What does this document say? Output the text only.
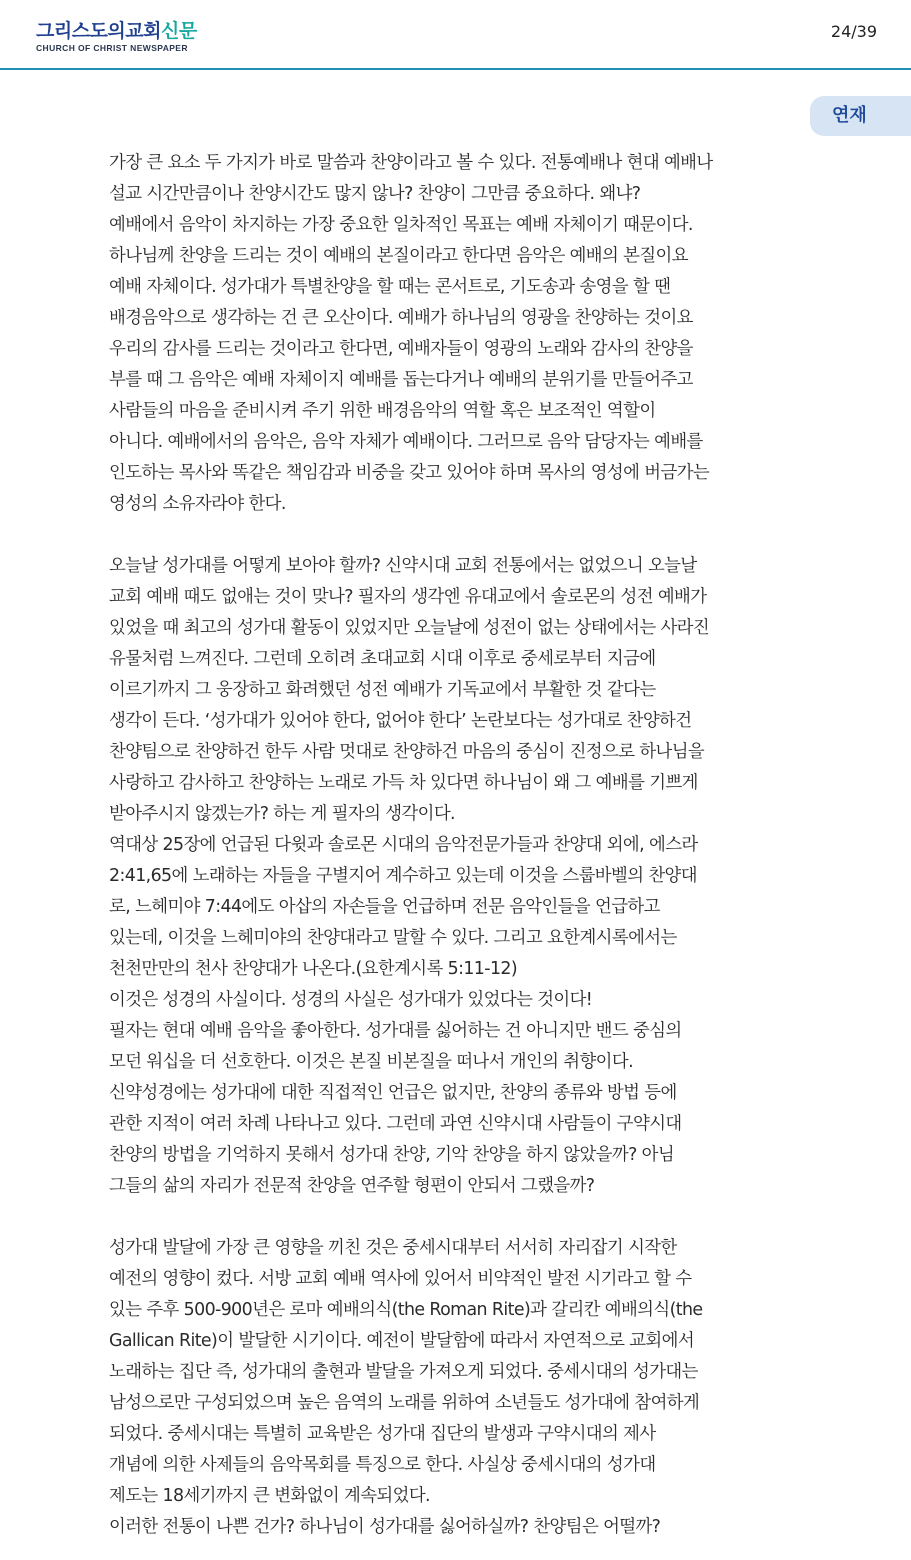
그리스도의교회신문
CHURCH OF CHRIST NEWSPAPER
24/39
연재
가장 큰 요소 두 가지가 바로 말씀과 찬양이라고 볼 수 있다. 전통예배나 현대 예배나
설교 시간만큼이나 찬양시간도 많지 않나? 찬양이 그만큼 중요하다. 왜냐?
예배에서 음악이 차지하는 가장 중요한 일차적인 목표는 예배 자체이기 때문이다.
하나님께 찬양을 드리는 것이 예배의 본질이라고 한다면 음악은 예배의 본질이요
예배 자체이다. 성가대가 특별찬양을 할 때는 콘서트로, 기도송과 송영을 할 땐
배경음악으로 생각하는 건 큰 오산이다. 예배가 하나님의 영광을 찬양하는 것이요
우리의 감사를 드리는 것이라고 한다면, 예배자들이 영광의 노래와 감사의 찬양을
부를 때 그 음악은 예배 자체이지 예배를 돕는다거나 예배의 분위기를 만들어주고
사람들의 마음을 준비시켜 주기 위한 배경음악의 역할 혹은 보조적인 역할이
아니다. 예배에서의 음악은, 음악 자체가 예배이다. 그러므로 음악 담당자는 예배를
인도하는 목사와 똑같은 책임감과 비중을 갖고 있어야 하며 목사의 영성에 버금가는
영성의 소유자라야 한다.
오늘날 성가대를 어떻게 보아야 할까? 신약시대 교회 전통에서는 없었으니 오늘날
교회 예배 때도 없애는 것이 맞나? 필자의 생각엔 유대교에서 솔로몬의 성전 예배가
있었을 때 최고의 성가대 활동이 있었지만 오늘날에 성전이 없는 상태에서는 사라진
유물처럼 느껴진다. 그런데 오히려 초대교회 시대 이후로 중세로부터 지금에
이르기까지 그 웅장하고 화려했던 성전 예배가 기독교에서 부활한 것 같다는
생각이 든다. ‘성가대가 있어야 한다, 없어야 한다’ 논란보다는 성가대로 찬양하건
찬양팀으로 찬양하건 한두 사람 멋대로 찬양하건 마음의 중심이 진정으로 하나님을
사랑하고 감사하고 찬양하는 노래로 가득 차 있다면 하나님이 왜 그 예배를 기쁘게
받아주시지 않겠는가? 하는 게 필자의 생각이다.
역대상 25장에 언급된 다윗과 솔로몬 시대의 음악전문가들과 찬양대 외에, 에스라
2:41,65에 노래하는 자들을 구별지어 계수하고 있는데 이것을 스룹바벨의 찬양대
로, 느헤미야 7:44에도 아삽의 자손들을 언급하며 전문 음악인들을 언급하고
있는데, 이것을 느헤미야의 찬양대라고 말할 수 있다. 그리고 요한계시록에서는
천천만만의 천사 찬양대가 나온다.(요한계시록 5:11-12)
이것은 성경의 사실이다. 성경의 사실은 성가대가 있었다는 것이다!
필자는 현대 예배 음악을 좋아한다. 성가대를 싫어하는 건 아니지만 밴드 중심의
모던 워십을 더 선호한다. 이것은 본질 비본질을 떠나서 개인의 취향이다.
신약성경에는 성가대에 대한 직접적인 언급은 없지만, 찬양의 종류와 방법 등에
관한 지적이 여러 차례 나타나고 있다. 그런데 과연 신약시대 사람들이 구약시대
찬양의 방법을 기억하지 못해서 성가대 찬양, 기악 찬양을 하지 않았을까? 아님
그들의 삶의 자리가 전문적 찬양을 연주할 형편이 안되서 그랬을까?
성가대 발달에 가장 큰 영향을 끼친 것은 중세시대부터 서서히 자리잡기 시작한
예전의 영향이 컸다. 서방 교회 예배 역사에 있어서 비약적인 발전 시기라고 할 수
있는 주후 500-900년은 로마 예배의식(the Roman Rite)과 갈리칸 예배의식(the
Gallican Rite)이 발달한 시기이다. 예전이 발달함에 따라서 자연적으로 교회에서
노래하는 집단 즉, 성가대의 출현과 발달을 가져오게 되었다. 중세시대의 성가대는
남성으로만 구성되었으며 높은 음역의 노래를 위하여 소년들도 성가대에 참여하게
되었다. 중세시대는 특별히 교육받은 성가대 집단의 발생과 구약시대의 제사
개념에 의한 사제들의 음악목회를 특징으로 한다. 사실상 중세시대의 성가대
제도는 18세기까지 큰 변화없이 계속되었다.
이러한 전통이 나쁜 건가? 하나님이 성가대를 싫어하실까? 찬양팀은 어떨까?
